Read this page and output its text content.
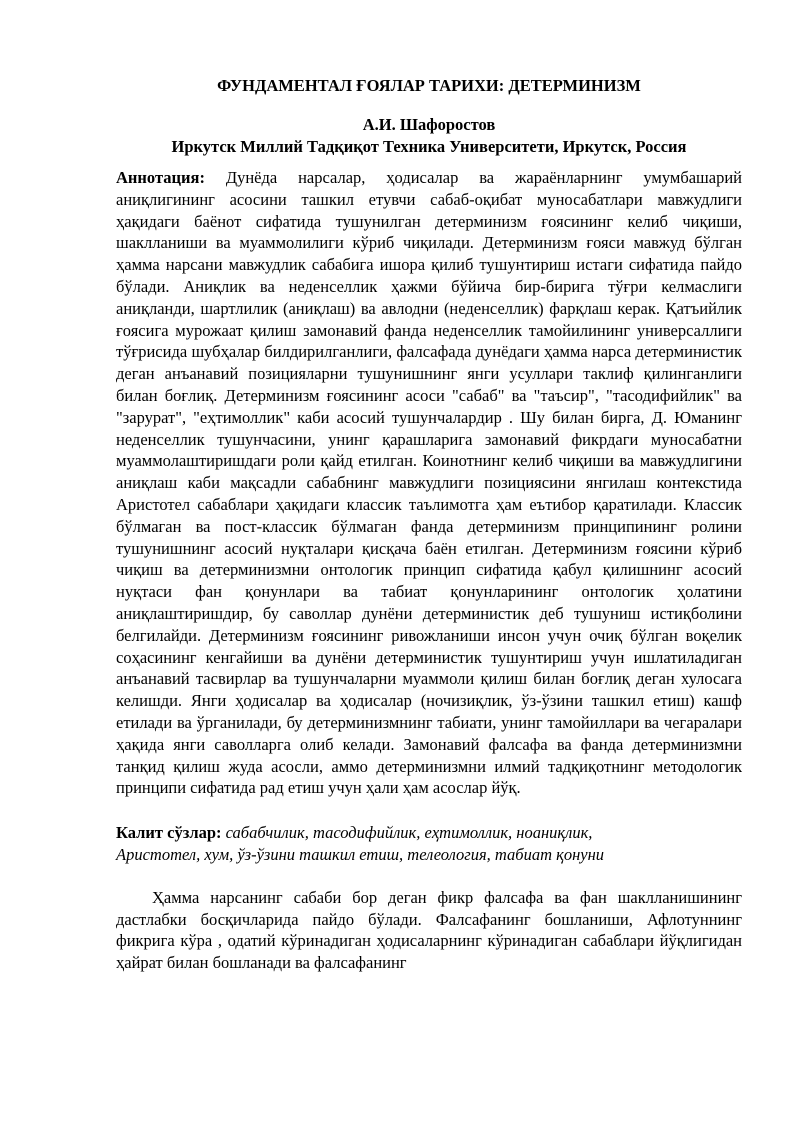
ФУНДАМЕНТАЛ ҒОЯЛАР ТАРИХИ: ДЕТЕРМИНИЗМ
А.И. Шафоростов
Иркутск Миллий Тадқиқот Техника Университети, Иркутск, Россия
Аннотация: Дунёда нарсалар, ҳодисалар ва жараёнларнинг умумбашарий аниқлигининг асосини ташкил етувчи сабаб-оқибат муносабатлари мавжудлиги ҳақидаги баёнот сифатида тушунилган детерминизм ғоясининг келиб чиқиши, шаклланиши ва муаммолилиги кўриб чиқилади. Детерминизм ғояси мавжуд бўлган ҳамма нарсани мавжудлик сабабига ишора қилиб тушунтириш истаги сифатида пайдо бўлади. Аниқлик ва неденселлик ҳажми бўйича бир-бирига тўғри келмаслиги аниқланди, шартлилик (аниқлаш) ва авлодни (неденселлик) фарқлаш керак. Қатъийлик ғоясига мурожаат қилиш замонавий фанда неденселлик тамойилининг универсаллиги тўғрисида шубҳалар билдирилганлиги, фалсафада дунёдаги ҳамма нарса детерминистик деган анъанавий позицияларни тушунишнинг янги усуллари таклиф қилинганлиги билан боғлиқ. Детерминизм ғоясининг асоси "сабаб" ва "таъсир", "тасодифийлик" ва "зарурат", "еҳтимоллик" каби асосий тушунчалардир . Шу билан бирга, Д. Юманинг неденселлик тушунчасини, унинг қарашларига замонавий фикрдаги муносабатни муаммолаштиришдаги роли қайд етилган. Коинотнинг келиб чиқиши ва мавжудлигини аниқлаш каби мақсадли сабабнинг мавжудлиги позициясини янгилаш контекстида Аристотел сабаблари ҳақидаги классик таълимотга ҳам еътибор қаратилади. Классик бўлмаган ва пост-классик бўлмаган фанда детерминизм принципининг ролини тушунишнинг асосий нуқталари қисқача баён етилган. Детерминизм ғоясини кўриб чиқиш ва детерминизмни онтологик принцип сифатида қабул қилишнинг асосий нуқтаси фан қонунлари ва табиат қонунларининг онтологик ҳолатини аниқлаштиришдир, бу саволлар дунёни детерминистик деб тушуниш истиқболини белгилайди. Детерминизм ғоясининг ривожланиши инсон учун очиқ бўлган воқелик соҳасининг кенгайиши ва дунёни детерминистик тушунтириш учун ишлатиладиган анъанавий тасвирлар ва тушунчаларни муаммоли қилиш билан боғлиқ деган хулосага келишди. Янги ҳодисалар ва ҳодисалар (ночизиқлик, ўз-ўзини ташкил етиш) кашф етилади ва ўрганилади, бу детерминизмнинг табиати, унинг тамойиллари ва чегаралари ҳақида янги саволларга олиб келади. Замонавий фалсафа ва фанда детерминизмни танқид қилиш жуда асосли, аммо детерминизмни илмий тадқиқотнинг методологик принципи сифатида рад етиш учун ҳали ҳам асослар йўқ.
Калит сўзлар: сабабчилик, тасодифийлик, еҳтимоллик, ноаниқлик,
Аристотел, хум, ўз-ўзини ташкил етиш, телеология, табиат қонуни
Ҳамма нарсанинг сабаби бор деган фикр фалсафа ва фан шаклланишининг дастлабки босқичларида пайдо бўлади. Фалсафанинг бошланиши, Афлотуннинг фикрига кўра , одатий кўринадиган ҳодисаларнинг кўринадиган сабаблари йўқлигидан ҳайрат билан бошланади ва фалсафанинг
